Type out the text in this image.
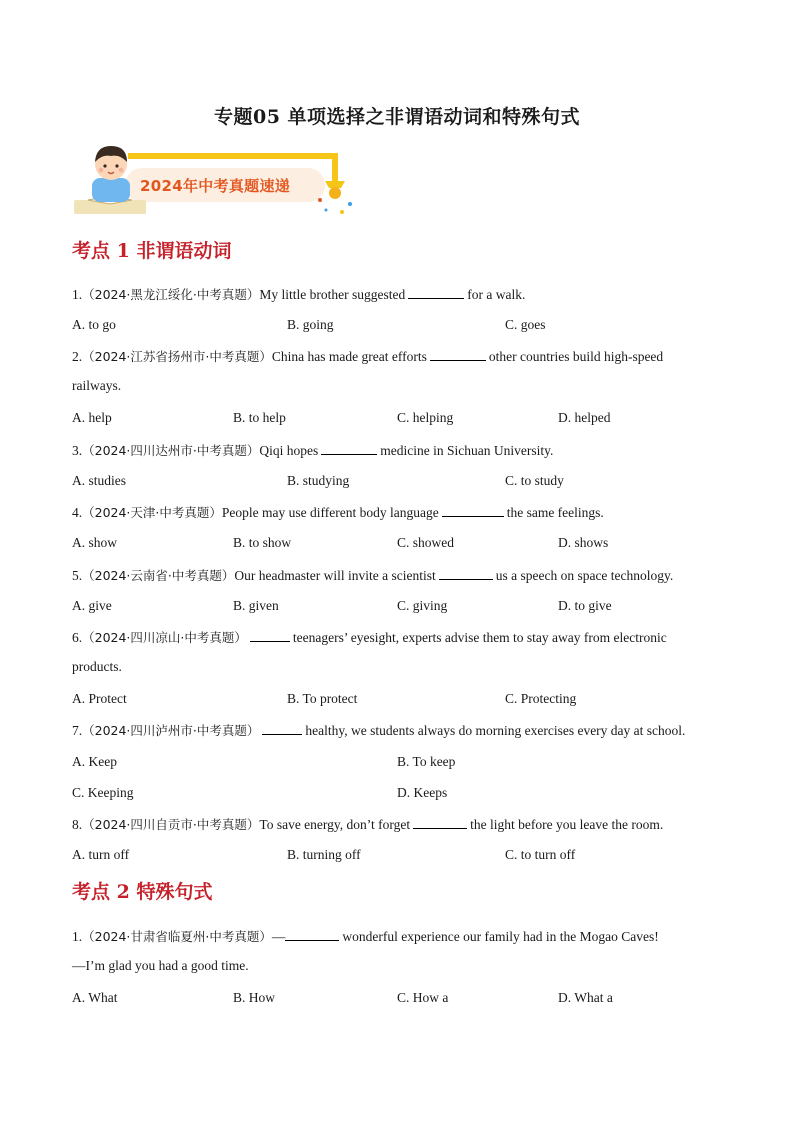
专题05 单项选择之非谓语动词和特殊句式
2024年中考真题速递
考点 1 非谓语动词
1.（2024·黑龙江绥化·中考真题）My little brother suggested	for a walk.
A. to go	B. going	C. goes
2.（2024·江苏省扬州市·中考真题）China has made great efforts	other countries build high-speed
railways.
A. help	B. to help	C. helping	D. helped
3.（2024·四川达州市·中考真题）Qiqi hopes	medicine in Sichuan University.
A. studies	B. studying	C. to study
4.（2024·天津·中考真题）People may use different body language	the same feelings.
A. show	B. to show	C. showed	D. shows
5.（2024·云南省·中考真题）Our headmaster will invite a scientist	us a speech on space technology.
A. give	B. given	C. giving	D. to give
6.（2024·四川凉山·中考真题）	teenagers’ eyesight, experts advise them to stay away from electronic
products.
A. Protect	B. To protect	C. Protecting
7.（2024·四川泸州市·中考真题）	healthy, we students always do morning exercises every day at school.
A. Keep	B. To keep
C. Keeping	D. Keeps
8.（2024·四川自贡市·中考真题）To save energy, don’t forget	the light before you leave the room.
A. turn off	B. turning off	C. to turn off
考点 2 特殊句式
1.（2024·甘肃省临夏州·中考真题）—	wonderful experience our family had in the Mogao Caves!
—I’m glad you had a good time.
A. What	B. How	C. How a	D. What a
